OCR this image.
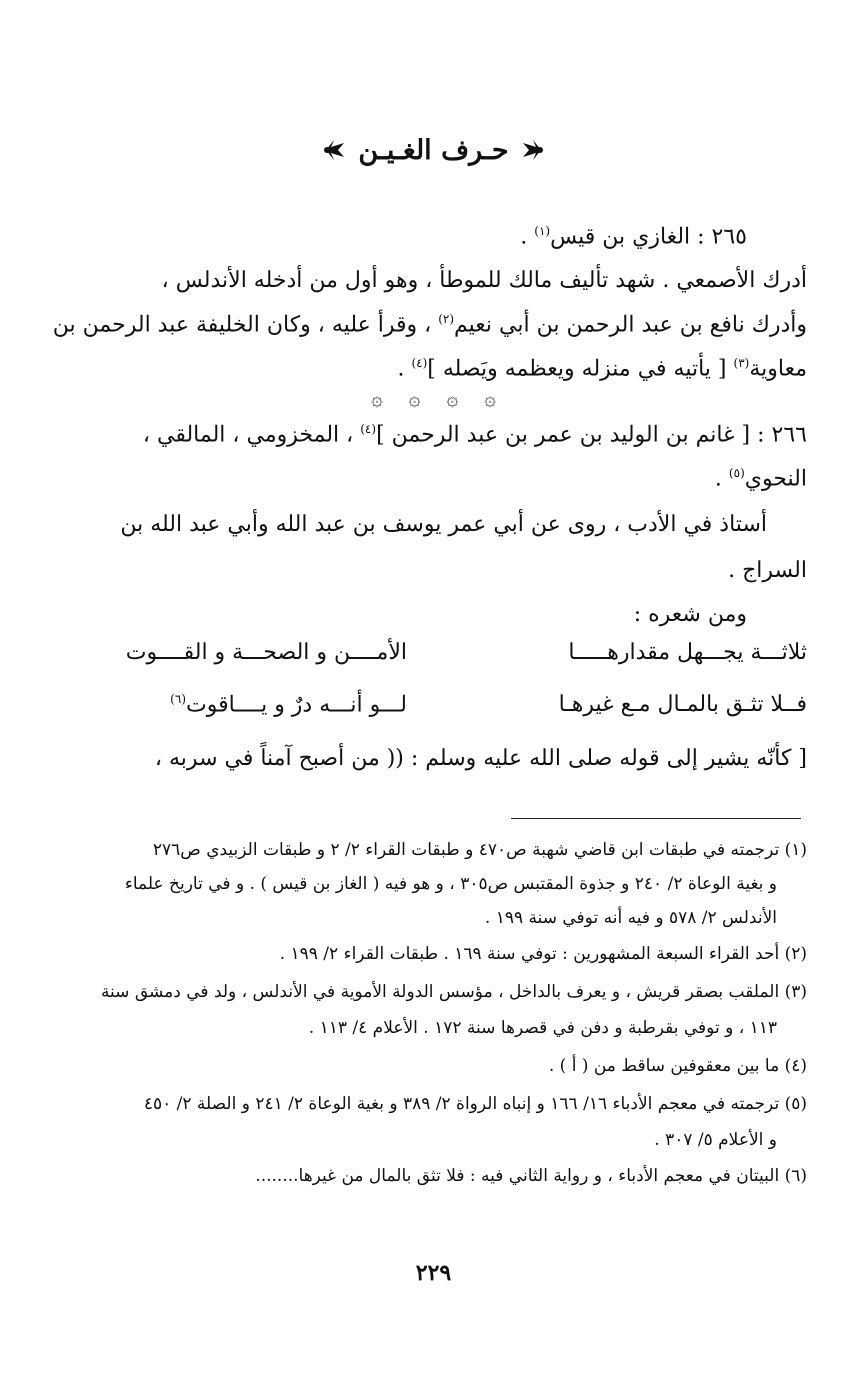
حـرف الغـيـن
٢٦٥ : الغازي بن قيس$^{(١)}$ .
أدرك الأصمعي . شهد تأليف مالك للموطأ ، وهو أول من أدخله الأندلس ،
وأدرك نافع بن عبد الرحمن بن أبي نعيم$^{(٢)}$ ، وقرأ عليه ، وكان الخليفة عبد الرحمن بن
معاوية$^{(٣)}$ [ يأتيه في منزله ويعظمه ويَصله ]$^{(٤)}$ .
۞ ۞ ۞ ۞
٢٦٦ : [ غانم بن الوليد بن عمر بن عبد الرحمن ]$^{(٤)}$ ، المخزومي ، المالقي ،
النحوي$^{(٥)}$ .
أستاذ في الأدب ، روى عن أبي عمر يوسف بن عبد الله وأبي عبد الله بن
السراج .
ومن شعره :
ثلاثـــة يجـــهل مقدارهـــــا
الأمــــن و الصحـــة و القــــوت
فــلا تثـق بالمـال مـع غيرهـا
لـــو أنـــه درٌ و يــــاقوت$^{(٦)}$
[ كأنّه يشير إلى قوله صلى الله عليه وسلم : (( من أصبح آمناً في سربه ،
(١) ترجمته في طبقات ابن قاضي شهبة ص٤٧٠ و طبقات القراء ٢/ ٢ و طبقات الزبيدي ص٢٧٦
و بغية الوعاة ٢/ ٢٤٠ و جذوة المقتبس ص٣٠٥ ، و هو فيه ( الغاز بن قيس ) . و في تاريخ علماء
الأندلس ٢/ ٥٧٨ و فيه أنه توفي سنة ١٩٩ .
(٢) أحد القراء السبعة المشهورين : توفي سنة ١٦٩ . طبقات القراء ٢/ ١٩٩ .
(٣) الملقب بصقر قريش ، و يعرف بالداخل ، مؤسس الدولة الأموية في الأندلس ، ولد في دمشق سنة
١١٣ ، و توفي بقرطبة و دفن في قصرها سنة ١٧٢ . الأعلام ٤/ ١١٣ .
(٤) ما بين معقوفين ساقط من ( أ ) .
(٥) ترجمته في معجم الأدباء ١٦/ ١٦٦ و إنباه الرواة ٢/ ٣٨٩ و بغية الوعاة ٢/ ٢٤١ و الصلة ٢/ ٤٥٠
و الأعلام ٥/ ٣٠٧ .
(٦) البيتان في معجم الأدباء ، و رواية الثاني فيه : فلا تثق بالمال من غيرها........
٢٢٩
